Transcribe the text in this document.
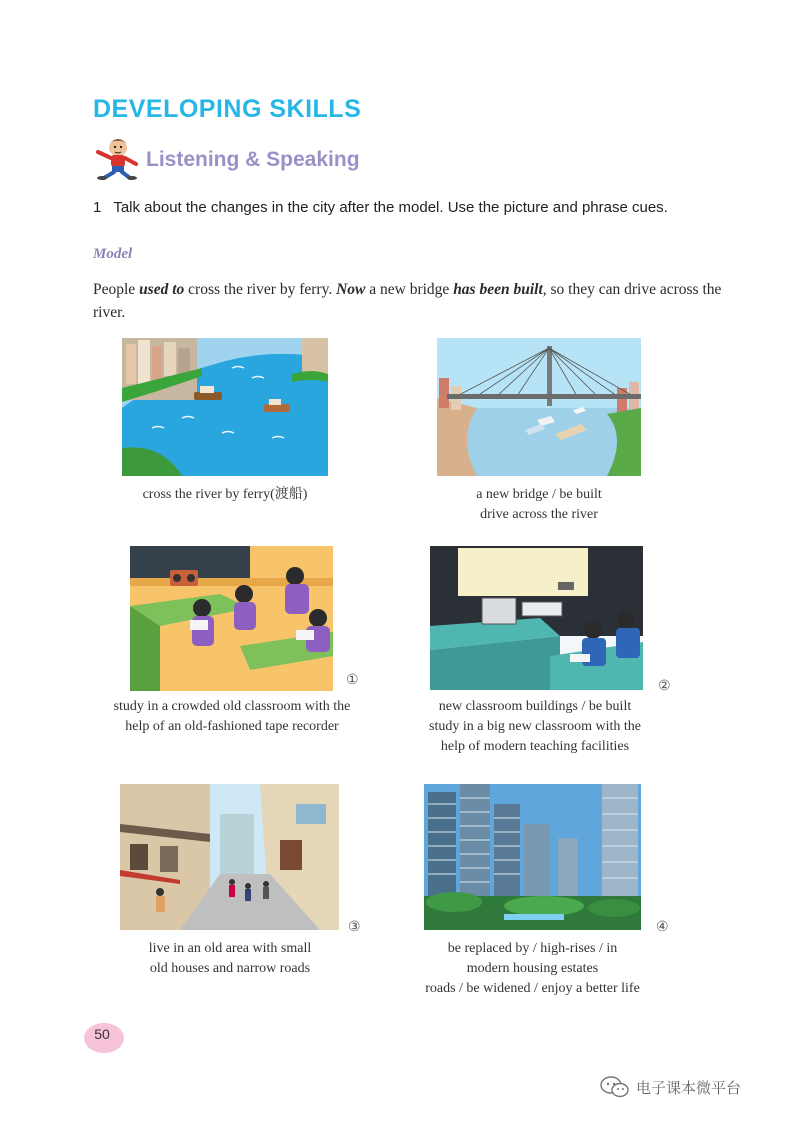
DEVELOPING SKILLS
Listening & Speaking
1 Talk about the changes in the city after the model. Use the picture and phrase cues.
Model
People used to cross the river by ferry. Now a new bridge has been built, so they can drive across the river.
cross the river by ferry(渡船)	a new bridge / be built
drive across the river
①
study in a crowded old classroom with the
help of an old-fashioned tape recorder
②
new classroom buildings / be built
study in a big new classroom with the
help of modern teaching facilities
③
live in an old area with small
old houses and narrow roads
④
be replaced by / high-rises / in
modern housing estates
roads / be widened / enjoy a better life
50
电子课本微平台
